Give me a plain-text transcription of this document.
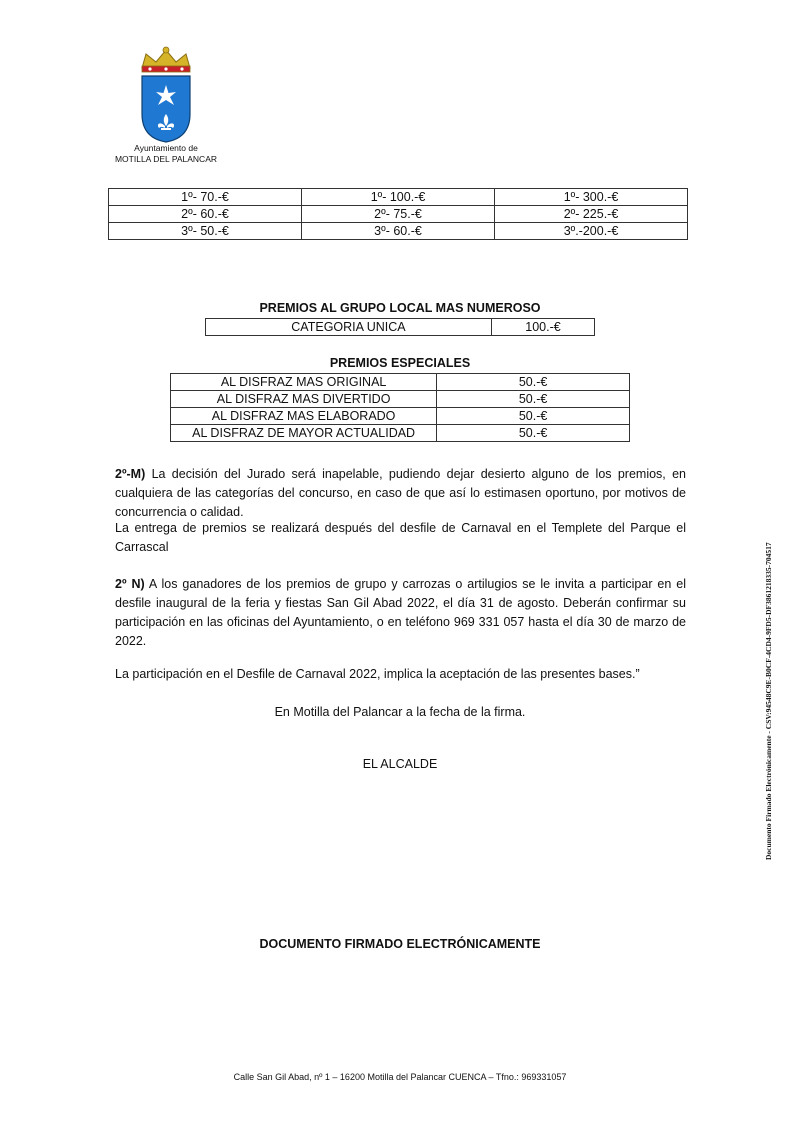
Ayuntamiento de
MOTILLA DEL PALANCAR
1º- 70.-€	1º- 100.-€	1º- 300.-€
2º- 60.-€	2º- 75.-€	2º- 225.-€
3º- 50.-€	3º- 60.-€	3º.-200.-€
PREMIOS AL GRUPO LOCAL MAS NUMEROSO
CATEGORIA UNICA	100.-€
PREMIOS ESPECIALES
AL DISFRAZ MAS ORIGINAL	50.-€
AL DISFRAZ MAS DIVERTIDO	50.-€
AL DISFRAZ MAS ELABORADO	50.-€
AL DISFRAZ DE MAYOR ACTUALIDAD	50.-€

2º-M) La decisión del Jurado será inapelable, pudiendo dejar desierto alguno de los premios, en cualquiera de las categorías del concurso, en caso de que así lo estimasen oportuno, por motivos de concurrencia o calidad.

La entrega de premios se realizará después del desfile de Carnaval en el Templete del Parque el Carrascal

2º N) A los ganadores de los premios de grupo y carrozas o artilugios se le invita a participar en el desfile inaugural de la feria y fiestas San Gil Abad 2022, el día 31 de agosto. Deberán confirmar su participación en las oficinas del Ayuntamiento, o en teléfono 969 331 057 hasta el día 30 de marzo de 2022.

La participación en el Desfile de Carnaval 2022, implica la aceptación de las presentes bases.”

En Motilla del Palancar a la fecha de la firma.
EL ALCALDE
DOCUMENTO FIRMADO ELECTRÓNICAMENTE
Calle San Gil Abad, nº 1 – 16200 Motilla del Palancar CUENCA – Tfno.: 969331057
Documento Firmado Electrónicamente - CSV:94548C9E-B0CF-4CD4-9FD5-DF3861218335-704517
